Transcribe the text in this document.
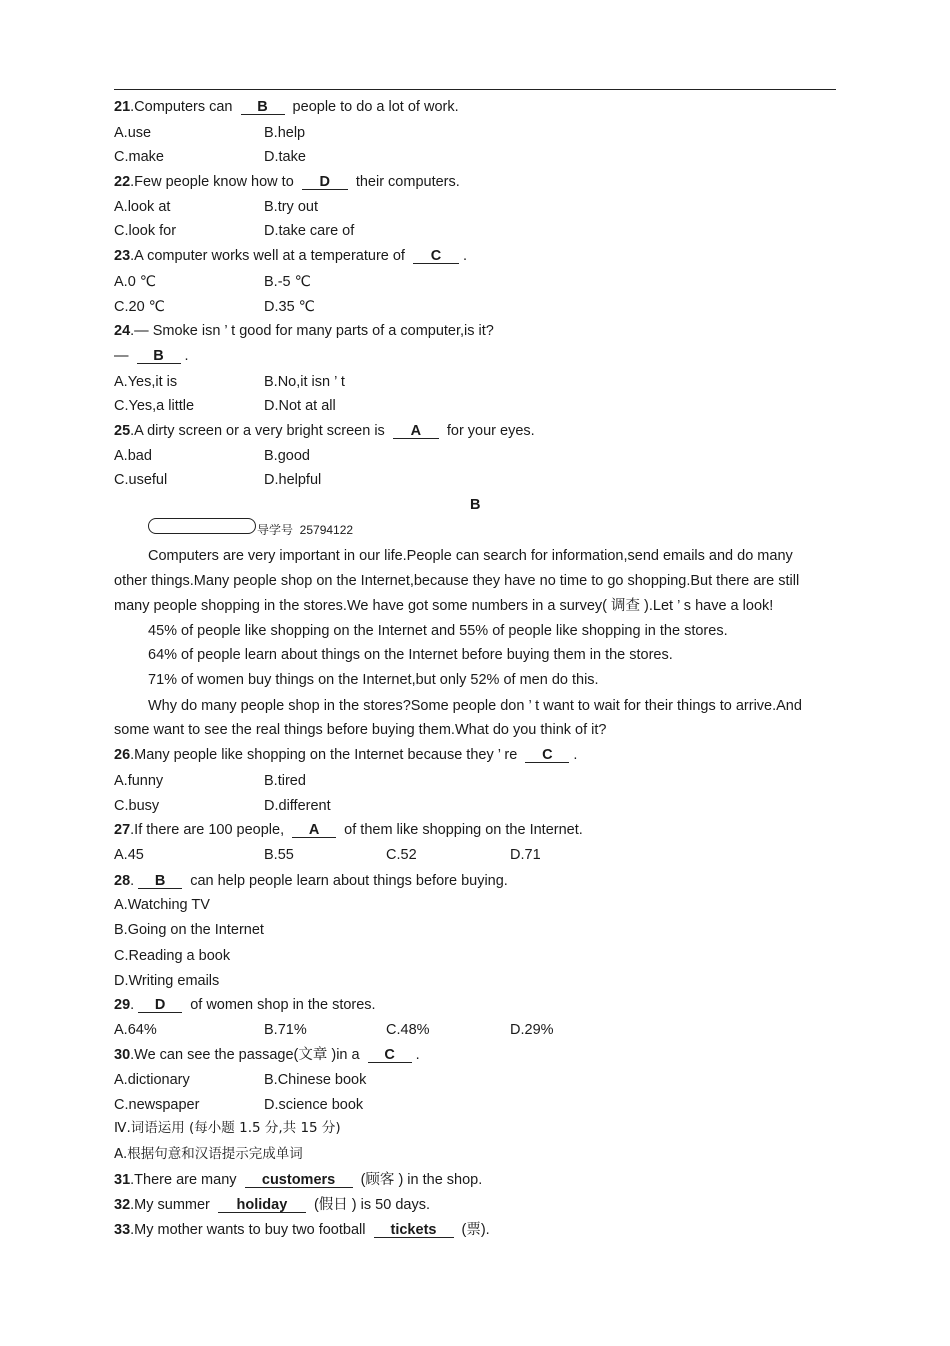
21.Computers can B people to do a lot of work.
A.use	B.help
C.make	D.take
22.Few people know how to D their computers.
A.look at	B.try out
C.look for	D.take care of
23.A computer works well at a temperature of C .
A.0 ℃	B.-5 ℃
C.20 ℃	D.35 ℃
24.— Smoke isn ’ t good for many parts of a computer,is it?
— B .
A.Yes,it is	B.No,it isn ’ t
C.Yes,a little	D.Not at all
25.A dirty screen or a very bright screen is A for your eyes.
A.bad	B.good
C.useful	D.helpful
B
导学号  25794122
Computers are very important in our life.People can search for information,send emails and do many
other things.Many people shop on the Internet,because they have no time to go shopping.But there are still
many people shopping in the stores.We have got some numbers in a survey( 调查 ).Let ’ s have a look!
45% of people like shopping on the Internet and 55% of people like shopping in the stores.
64% of people learn about things on the Internet before buying them in the stores.
71% of women buy things on the Internet,but only 52% of men do this.
Why do many people shop in the stores?Some people don ’ t want to wait for their things to arrive.And
some want to see the real things before buying them.What do you think of it?
26.Many people like shopping on the Internet because they ’ re C .
A.funny	B.tired
C.busy	D.different
27.If there are 100 people, A of them like shopping on the Internet.
A.45	B.55	C.52	D.71
28. B can help people learn about things before buying.
A.Watching TV
B.Going on the Internet
C.Reading a book
D.Writing emails
29. D of women shop in the stores.
A.64%	B.71%	C.48%	D.29%
30.We can see the passage(文章 )in a C .
A.dictionary	B.Chinese book
C.newspaper	D.science book
Ⅳ.词语运用 (每小题 1.5 分,共 15 分)
A.根据句意和汉语提示完成单词
31.There are many customers (顾客 ) in the shop.
32.My summer holiday (假日 ) is 50 days.
33.My mother wants to buy two football tickets (票).
